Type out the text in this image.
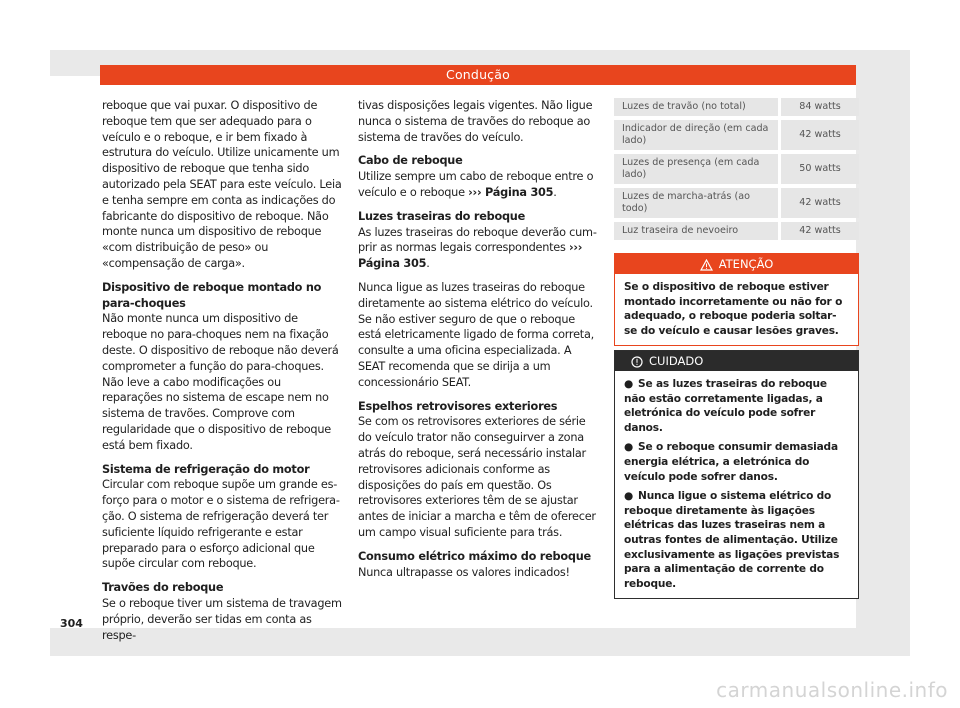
Condução

reboque que vai puxar. O dispositivo de reboque tem que ser adequado para o veículo e o reboque, e ir bem fixado à estrutura do veículo. Utilize unicamente um dispositivo de reboque que tenha sido autorizado pela SEAT para este veículo. Leia e tenha sempre em conta as indicações do fabricante do dispositivo de reboque. Não monte nunca um dispositivo de reboque «com distribuição de peso» ou «compensação de carga».

Dispositivo de reboque montado no para-choques

Não monte nunca um dispositivo de reboque no para-choques nem na fixação deste. O dispositivo de reboque não deverá comprometer a função do para-choques. Não leve a cabo modificações ou reparações no sistema de escape nem no sistema de travões. Comprove com regularidade que o dispositivo de reboque está bem fixado.

Sistema de refrigeração do motor

Circular com reboque supõe um grande esforço para o motor e o sistema de refrigeração. O sistema de refrigeração deverá ter suficiente líquido refrigerante e estar preparado para o esforço adicional que supõe circular com reboque.

Travões do reboque

Se o reboque tiver um sistema de travagem próprio, deverão ser tidas em conta as respe-

tivas disposições legais vigentes. Não ligue nunca o sistema de travões do reboque ao sistema de travões do veículo.

Cabo de reboque

Utilize sempre um cabo de reboque entre o veículo e o reboque ››› Página 305.

Luzes traseiras do reboque

As luzes traseiras do reboque deverão cumprir as normas legais correspondentes ››› Página 305.

Nunca ligue as luzes traseiras do reboque diretamente ao sistema elétrico do veículo. Se não estiver seguro de que o reboque está eletricamente ligado de forma correta, consulte a uma oficina especializada. A SEAT recomenda que se dirija a um concessionário SEAT.

Espelhos retrovisores exteriores

Se com os retrovisores exteriores de série do veículo trator não conseguirver a zona atrás do reboque, será necessário instalar retrovisores adicionais conforme as disposições do país em questão. Os retrovisores exteriores têm de se ajustar antes de iniciar a marcha e têm de oferecer um campo visual suficiente para trás.

Consumo elétrico máximo do reboque

Nunca ultrapasse os valores indicados!

Luzes de travão (no total)	84 watts
Indicador de direção (em cada lado)	42 watts
Luzes de presença (em cada lado)	50 watts
Luzes de marcha-atrás (ao todo)	42 watts
Luz traseira de nevoeiro	42 watts
ATENÇÃO
Se o dispositivo de reboque estiver montado incorretamente ou não for o adequado, o reboque poderia soltar-se do veículo e causar lesões graves.
CUIDADO
● Se as luzes traseiras do reboque não estão corretamente ligadas, a eletrónica do veículo pode sofrer danos.
● Se o reboque consumir demasiada energia elétrica, a eletrónica do veículo pode sofrer danos.
● Nunca ligue o sistema elétrico do reboque diretamente às ligações elétricas das luzes traseiras nem a outras fontes de alimentação. Utilize exclusivamente as ligações previstas para a alimentação de corrente do reboque.
304
carmanualsonline.info
